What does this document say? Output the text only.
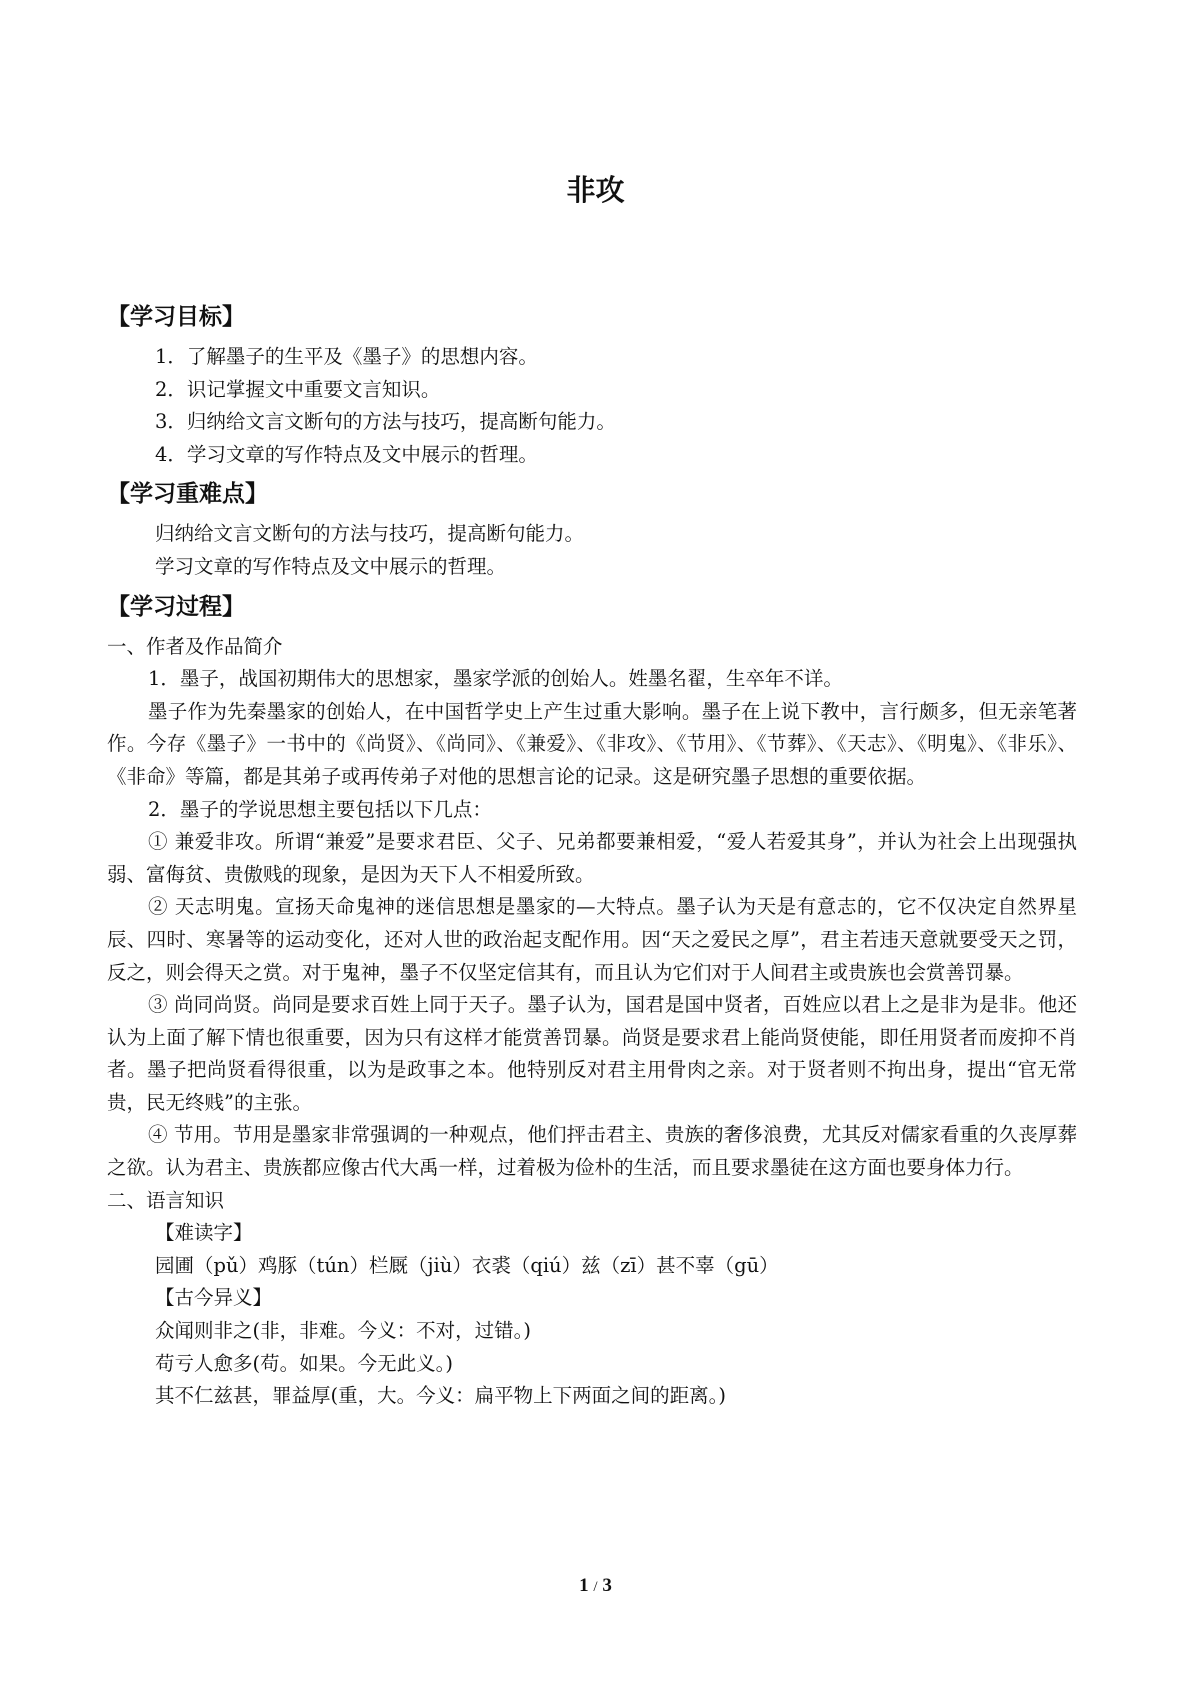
非攻
【学习目标】

1．了解墨子的生平及《墨子》的思想内容。

2．识记掌握文中重要文言知识。

3．归纳给文言文断句的方法与技巧，提高断句能力。

4．学习文章的写作特点及文中展示的哲理。

【学习重难点】

归纳给文言文断句的方法与技巧，提高断句能力。

学习文章的写作特点及文中展示的哲理。

【学习过程】

一、作者及作品简介

1．墨子，战国初期伟大的思想家，墨家学派的创始人。姓墨名翟，生卒年不详。

墨子作为先秦墨家的创始人，在中国哲学史上产生过重大影响。墨子在上说下教中，言行颇多，但无亲笔著作。今存《墨子》一书中的《尚贤》、《尚同》、《兼爱》、《非攻》、《节用》、《节葬》、《天志》、《明鬼》、《非乐》、《非命》等篇，都是其弟子或再传弟子对他的思想言论的记录。这是研究墨子思想的重要依据。

2．墨子的学说思想主要包括以下几点：

① 兼爱非攻。所谓“兼爱”是要求君臣、父子、兄弟都要兼相爱，“爱人若爱其身”，并认为社会上出现强执弱、富侮贫、贵傲贱的现象，是因为天下人不相爱所致。

② 天志明鬼。宣扬天命鬼神的迷信思想是墨家的—大特点。墨子认为天是有意志的，它不仅决定自然界星辰、四时、寒暑等的运动变化，还对人世的政治起支配作用。因“天之爱民之厚”，君主若违天意就要受天之罚，反之，则会得天之赏。对于鬼神，墨子不仅坚定信其有，而且认为它们对于人间君主或贵族也会赏善罚暴。

③ 尚同尚贤。尚同是要求百姓上同于天子。墨子认为，国君是国中贤者，百姓应以君上之是非为是非。他还认为上面了解下情也很重要，因为只有这样才能赏善罚暴。尚贤是要求君上能尚贤使能，即任用贤者而废抑不肖者。墨子把尚贤看得很重，以为是政事之本。他特别反对君主用骨肉之亲。对于贤者则不拘出身，提出“官无常贵，民无终贱”的主张。

④ 节用。节用是墨家非常强调的一种观点，他们抨击君主、贵族的奢侈浪费，尤其反对儒家看重的久丧厚葬之欲。认为君主、贵族都应像古代大禹一样，过着极为俭朴的生活，而且要求墨徒在这方面也要身体力行。

二、语言知识

【难读字】

园圃（pǔ）鸡豚（tún）栏厩（jiù）衣裘（qiú）兹（zī）甚不辜（gū）

【古今异义】

众闻则非之(非，非难。今义：不对，过错。)

苟亏人愈多(苟。如果。今无此义。)

其不仁兹甚，罪益厚(重，大。今义：扁平物上下两面之间的距离。)

1 / 3
